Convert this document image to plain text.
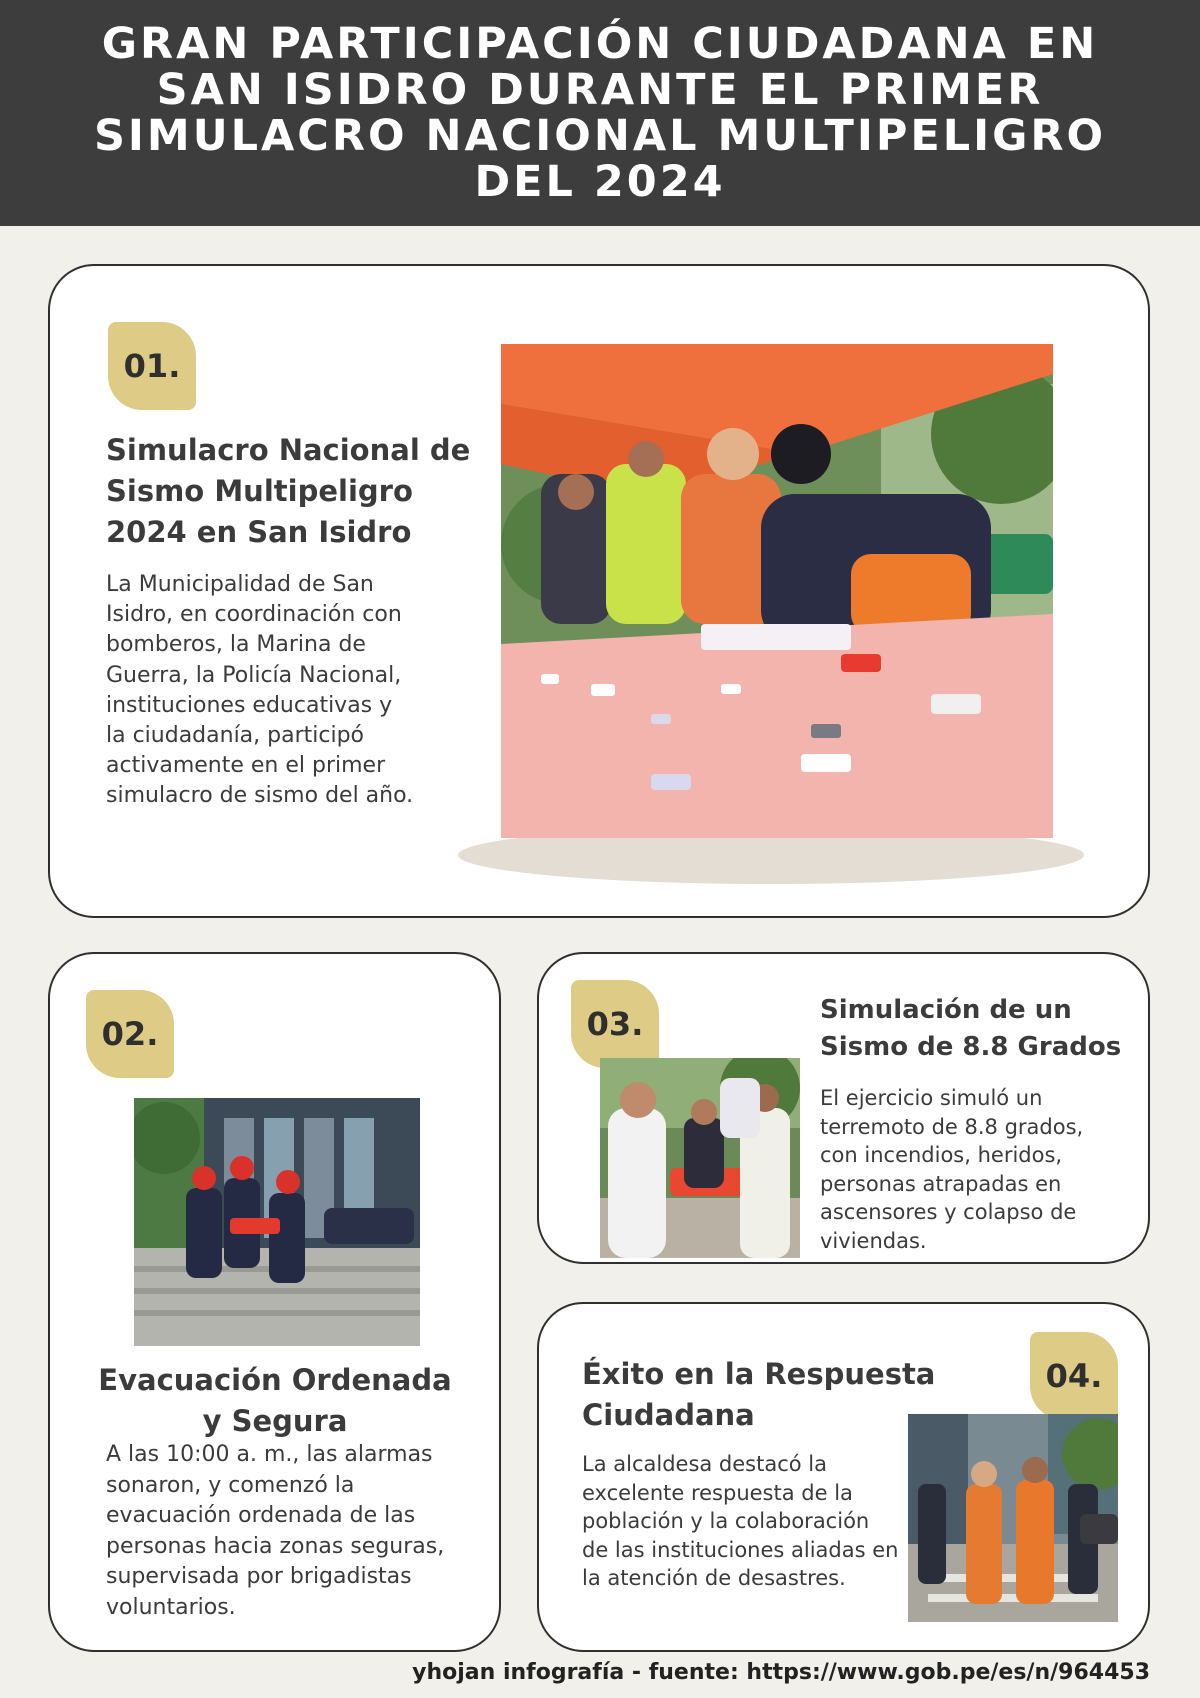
GRAN PARTICIPACIÓN CIUDADANA EN SAN ISIDRO DURANTE EL PRIMER SIMULACRO NACIONAL MULTIPELIGRO DEL 2024
01.
Simulacro Nacional de Sismo Multipeligro 2024 en San Isidro
La Municipalidad de San Isidro, en coordinación con bomberos, la Marina de Guerra, la Policía Nacional, instituciones educativas y la ciudadanía, participó activamente en el primer simulacro de sismo del año.
02.
Evacuación Ordenada y Segura
A las 10:00 a. m., las alarmas sonaron, y comenzó la evacuación ordenada de las personas hacia zonas seguras, supervisada por brigadistas voluntarios.
03.	Simulación de un Sismo de 8.8 Grados
El ejercicio simuló un terremoto de 8.8 grados, con incendios, heridos, personas atrapadas en ascensores y colapso de viviendas.
04.
Éxito en la Respuesta Ciudadana
La alcaldesa destacó la excelente respuesta de la población y la colaboración de las instituciones aliadas en la atención de desastres.
yhojan infografía - fuente: https://www.gob.pe/es/n/964453
